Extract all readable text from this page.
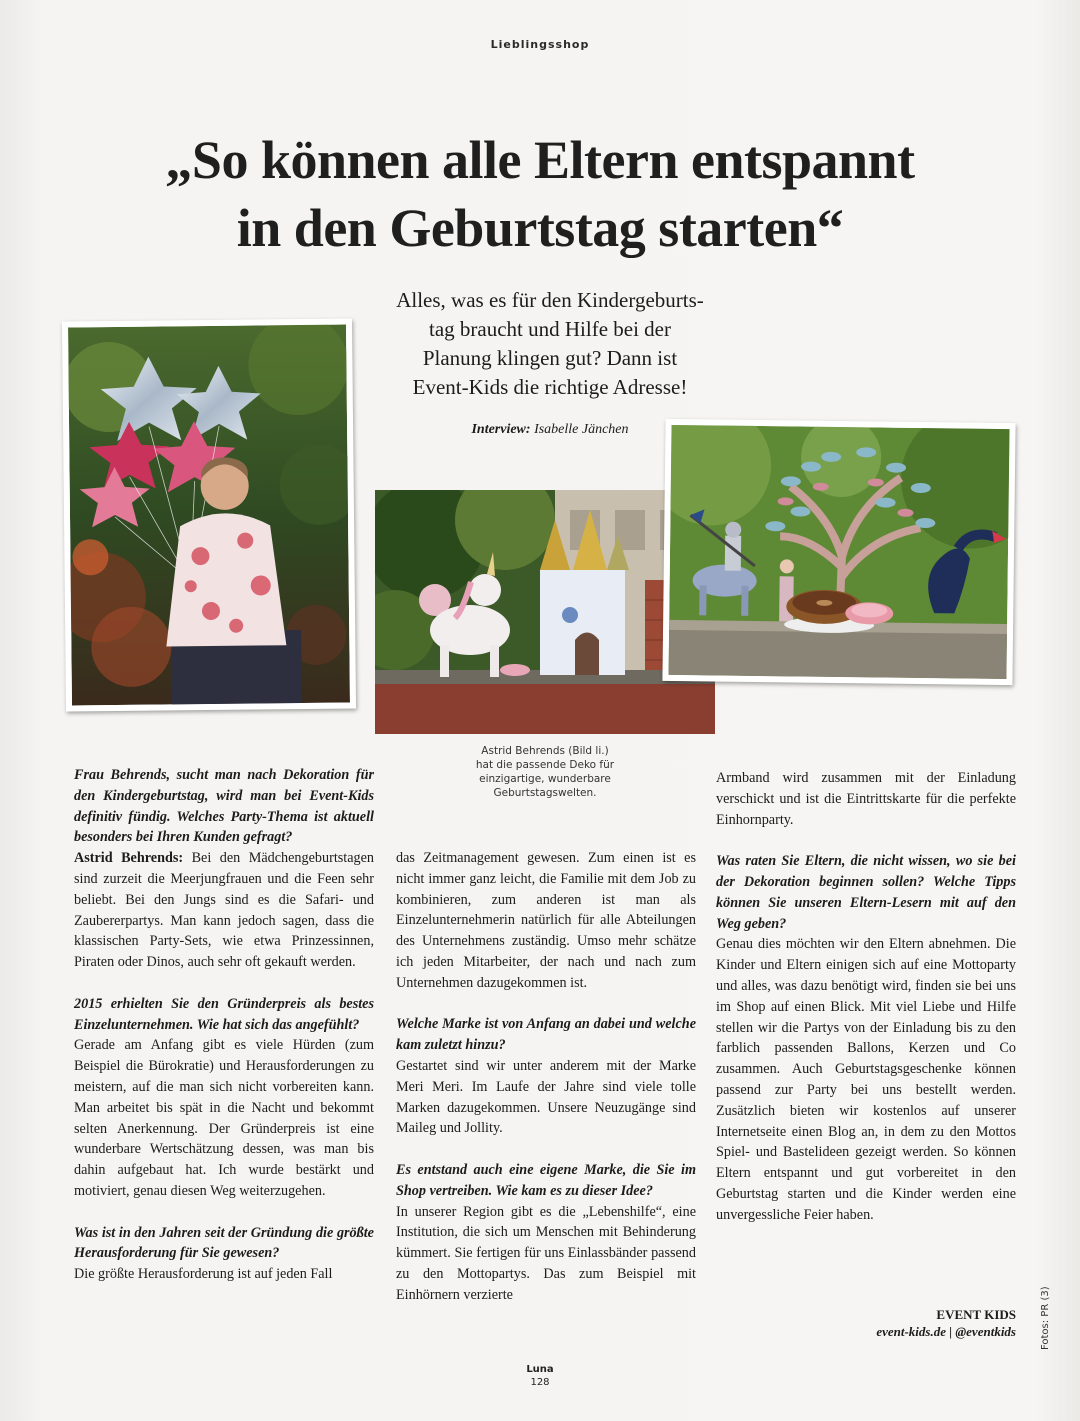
Lieblingsshop
„So können alle Eltern entspannt
in den Geburtstag starten“
Alles, was es für den Kindergeburts-
tag braucht und Hilfe bei der
Planung klingen gut? Dann ist
Event-Kids die richtige Adresse!
Interview: Isabelle Jänchen
Astrid Behrends (Bild li.)
hat die passende Deko für
einzigartige, wunderbare
Geburtstagswelten.

Frau Behrends, sucht man nach Dekoration für den Kindergeburtstag, wird man bei Event-Kids definitiv fündig. Welches Party-Thema ist aktuell besonders bei Ihren Kunden gefragt?
Astrid Behrends: Bei den Mädchengeburtstagen sind zurzeit die Meerjungfrauen und die Feen sehr beliebt. Bei den Jungs sind es die Safari- und Zaubererpartys. Man kann jedoch sagen, dass die klassischen Party-Sets, wie etwa Prinzessinnen, Piraten oder Dinos, auch sehr oft gekauft werden.

2015 erhielten Sie den Gründerpreis als bestes Einzelunternehmen. Wie hat sich das angefühlt?
Gerade am Anfang gibt es viele Hürden (zum Beispiel die Bürokratie) und Herausforderungen zu meistern, auf die man sich nicht vorbereiten kann. Man arbeitet bis spät in die Nacht und bekommt selten Anerkennung. Der Gründerpreis ist eine wunderbare Wertschätzung dessen, was man bis dahin aufgebaut hat. Ich wurde bestärkt und motiviert, genau diesen Weg weiterzugehen.

Was ist in den Jahren seit der Gründung die größte Herausforderung für Sie gewesen?
Die größte Herausforderung ist auf jeden Fall

das Zeitmanagement gewesen. Zum einen ist es nicht immer ganz leicht, die Familie mit dem Job zu kombinieren, zum anderen ist man als Einzelunternehmerin natürlich für alle Abteilungen des Unternehmens zuständig. Umso mehr schätze ich jeden Mitarbeiter, der nach und nach zum Unternehmen dazugekommen ist.

Welche Marke ist von Anfang an dabei und welche kam zuletzt hinzu?
Gestartet sind wir unter anderem mit der Marke Meri Meri. Im Laufe der Jahre sind viele tolle Marken dazugekommen. Unsere Neuzugänge sind Maileg und Jollity.

Es entstand auch eine eigene Marke, die Sie im Shop vertreiben. Wie kam es zu dieser Idee?
In unserer Region gibt es die „Lebenshilfe“, eine Institution, die sich um Menschen mit Behinderung kümmert. Sie fertigen für uns Einlassbänder passend zu den Mottopartys. Das zum Beispiel mit Einhörnern verzierte

Armband wird zusammen mit der Einladung verschickt und ist die Eintrittskarte für die perfekte Einhornparty.

Was raten Sie Eltern, die nicht wissen, wo sie bei der Dekoration beginnen sollen? Welche Tipps können Sie unseren Eltern-Lesern mit auf den Weg geben?
Genau dies möchten wir den Eltern abnehmen. Die Kinder und Eltern einigen sich auf eine Mottoparty und alles, was dazu benötigt wird, finden sie bei uns im Shop auf einen Blick. Mit viel Liebe und Hilfe stellen wir die Partys von der Einladung bis zu den farblich passenden Ballons, Kerzen und Co zusammen. Auch Geburtstagsgeschenke können passend zur Party bei uns bestellt werden. Zusätzlich bieten wir kostenlos auf unserer Internetseite einen Blog an, in dem zu den Mottos Spiel- und Bastelideen gezeigt werden. So können Eltern entspannt und gut vorbereitet in den Geburtstag starten und die Kinder werden eine unvergessliche Feier haben.

EVENT KIDS
event-kids.de | @eventkids Fotos: PR (3)
Luna
128
